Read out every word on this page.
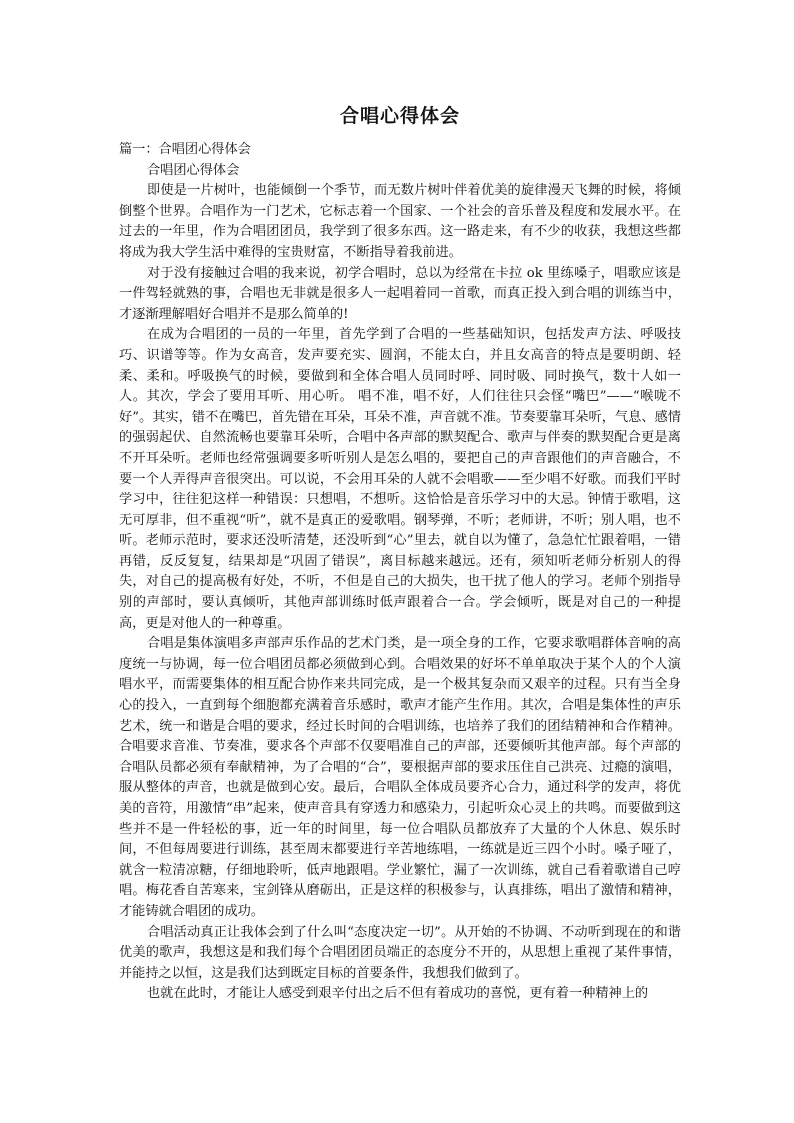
合唱心得体会

篇一：合唱团心得体会

合唱团心得体会

即使是一片树叶，也能倾倒一个季节，而无数片树叶伴着优美的旋律漫天飞舞的时候，将倾倒整个世界。合唱作为一门艺术，它标志着一个国家、一个社会的音乐普及程度和发展水平。在过去的一年里，作为合唱团团员，我学到了很多东西。这一路走来，有不少的收获，我想这些都将成为我大学生活中难得的宝贵财富，不断指导着我前进。

对于没有接触过合唱的我来说，初学合唱时，总以为经常在卡拉 ok 里练嗓子，唱歌应该是一件驾轻就熟的事，合唱也无非就是很多人一起唱着同一首歌，而真正投入到合唱的训练当中，才逐渐理解唱好合唱并不是那么简单的!

在成为合唱团的一员的一年里，首先学到了合唱的一些基础知识，包括发声方法、呼吸技巧、识谱等等。作为女高音，发声要充实、圆润，不能太白，并且女高音的特点是要明朗、轻柔、柔和。呼吸换气的时候，要做到和全体合唱人员同时呼、同时吸、同时换气，数十人如一人。其次，学会了要用耳听、用心听。 唱不准，唱不好，人们往往只会怪“嘴巴”——“喉咙不好”。其实，错不在嘴巴，首先错在耳朵，耳朵不准，声音就不准。节奏要靠耳朵听，气息、感情的强弱起伏、自然流畅也要靠耳朵听，合唱中各声部的默契配合、歌声与伴奏的默契配合更是离不开耳朵听。老师也经常强调要多听听别人是怎么唱的，要把自己的声音跟他们的声音融合，不要一个人弄得声音很突出。可以说，不会用耳朵的人就不会唱歌——至少唱不好歌。而我们平时学习中，往往犯这样一种错误：只想唱，不想听。这恰恰是音乐学习中的大忌。钟情于歌唱，这无可厚非，但不重视“听”，就不是真正的爱歌唱。钢琴弹，不听；老师讲，不听；别人唱，也不听。老师示范时，要求还没听清楚，还没听到“心”里去，就自以为懂了，急急忙忙跟着唱，一错再错，反反复复，结果却是“巩固了错误”，离目标越来越远。还有，须知听老师分析别人的得失，对自己的提高极有好处，不听，不但是自己的大损失，也干扰了他人的学习。老师个别指导别的声部时，要认真倾听，其他声部训练时低声跟着合一合。学会倾听，既是对自己的一种提高，更是对他人的一种尊重。

合唱是集体演唱多声部声乐作品的艺术门类，是一项全身的工作，它要求歌唱群体音响的高度统一与协调，每一位合唱团员都必须做到心到。合唱效果的好坏不单单取决于某个人的个人演唱水平，而需要集体的相互配合协作来共同完成，是一个极其复杂而又艰辛的过程。只有当全身心的投入，一直到每个细胞都充满着音乐感时，歌声才能产生作用。其次，合唱是集体性的声乐艺术，统一和谐是合唱的要求，经过长时间的合唱训练，也培养了我们的团结精神和合作精神。合唱要求音准、节奏准，要求各个声部不仅要唱准自己的声部，还要倾听其他声部。每个声部的合唱队员都必须有奉献精神，为了合唱的“合”，要根据声部的要求压住自己洪亮、过瘾的演唱，服从整体的声音，也就是做到心安。最后，合唱队全体成员要齐心合力，通过科学的发声，将优美的音符，用激情“串”起来，使声音具有穿透力和感染力，引起听众心灵上的共鸣。而要做到这些并不是一件轻松的事，近一年的时间里，每一位合唱队员都放弃了大量的个人休息、娱乐时间，不但每周要进行训练，甚至周末都要进行辛苦地练唱，一练就是近三四个小时。嗓子哑了，就含一粒清凉糖，仔细地聆听，低声地跟唱。学业繁忙，漏了一次训练，就自己看着歌谱自己哼唱。梅花香自苦寒来，宝剑锋从磨砺出，正是这样的积极参与，认真排练，唱出了激情和精神，才能铸就合唱团的成功。

合唱活动真正让我体会到了什么叫“态度决定一切”。从开始的不协调、不动听到现在的和谐优美的歌声，我想这是和我们每个合唱团团员端正的态度分不开的，从思想上重视了某件事情，并能持之以恒，这是我们达到既定目标的首要条件，我想我们做到了。

也就在此时，才能让人感受到艰辛付出之后不但有着成功的喜悦，更有着一种精神上的
